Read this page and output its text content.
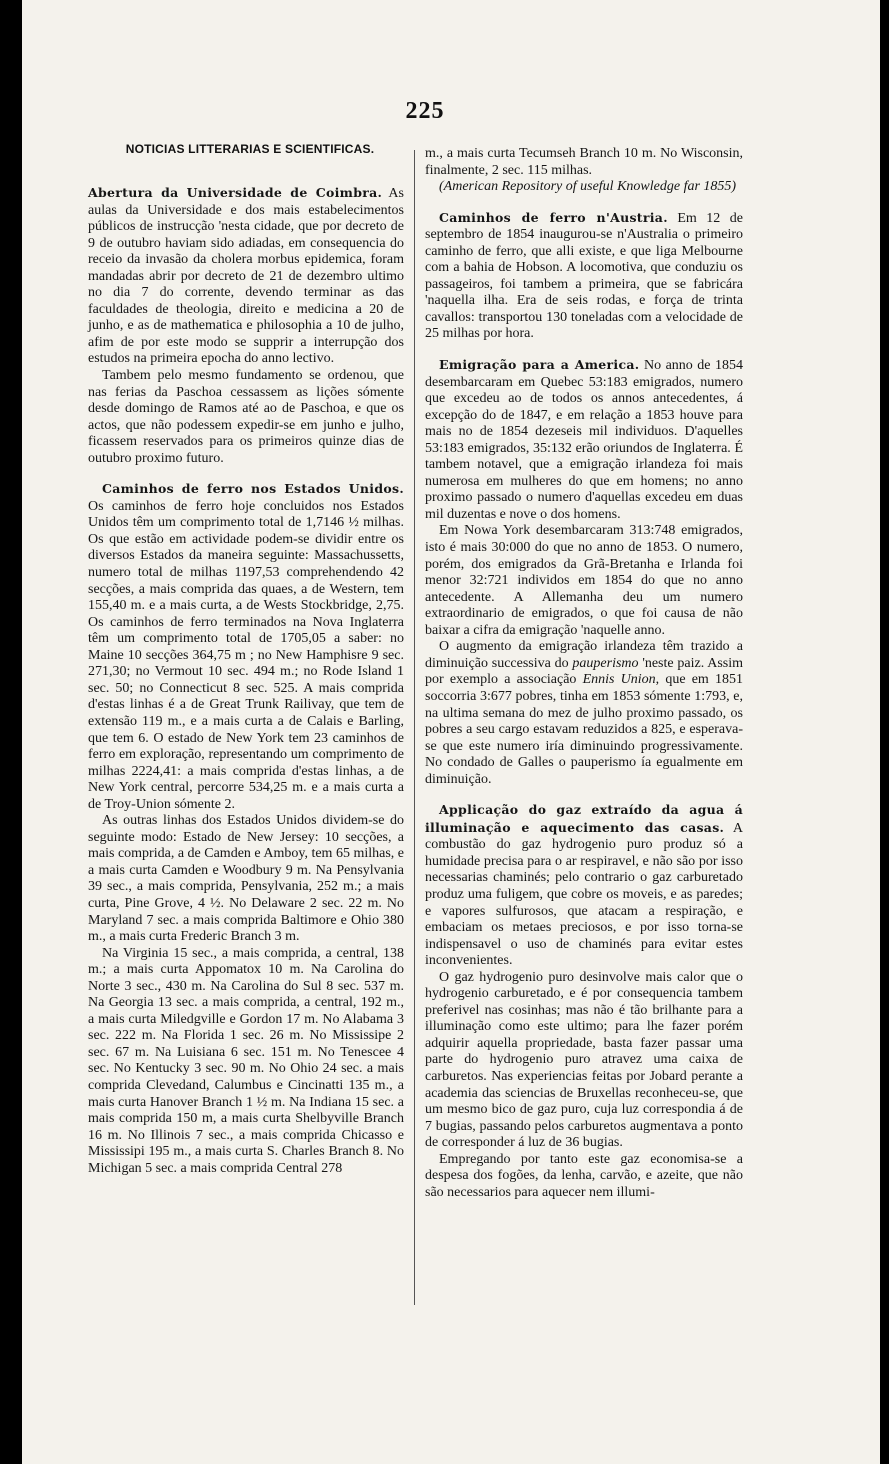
225
NOTICIAS LITTERARIAS E SCIENTIFICAS.

Abertura da Universidade de Coimbra. As aulas da Universidade e dos mais estabelecimentos públicos de instrucção 'nesta cidade, que por decreto de 9 de outubro haviam sido adiadas, em consequencia do receio da invasão da cholera morbus epidemica, foram mandadas abrir por decreto de 21 de dezembro ultimo no dia 7 do corrente, devendo terminar as das faculdades de theologia, direito e medicina a 20 de junho, e as de mathematica e philosophia a 10 de julho, afim de por este modo se supprir a interrupção dos estudos na primeira epocha do anno lectivo.

Tambem pelo mesmo fundamento se ordenou, que nas ferias da Paschoa cessassem as lições sómente desde domingo de Ramos até ao de Paschoa, e que os actos, que não podessem expedir-se em junho e julho, ficassem reservados para os primeiros quinze dias de outubro proximo futuro.

Caminhos de ferro nos Estados Unidos. Os caminhos de ferro hoje concluidos nos Estados Unidos têm um comprimento total de 1,7146 ½ milhas. Os que estão em actividade podem-se dividir entre os diversos Estados da maneira seguinte: Massachussetts, numero total de milhas 1197,53 comprehendendo 42 secções, a mais comprida das quaes, a de Western, tem 155,40 m. e a mais curta, a de Wests Stockbridge, 2,75. Os caminhos de ferro terminados na Nova Inglaterra têm um comprimento total de 1705,05 a saber: no Maine 10 secções 364,75 m ; no New Hamphisre 9 sec. 271,30; no Vermout 10 sec. 494 m.; no Rode Island 1 sec. 50; no Connecticut 8 sec. 525. A mais comprida d'estas linhas é a de Great Trunk Railivay, que tem de extensão 119 m., e a mais curta a de Calais e Barling, que tem 6. O estado de New York tem 23 caminhos de ferro em exploração, representando um comprimento de milhas 2224,41: a mais comprida d'estas linhas, a de New York central, percorre 534,25 m. e a mais curta a de Troy-Union sómente 2.

As outras linhas dos Estados Unidos dividem-se do seguinte modo: Estado de New Jersey: 10 secções, a mais comprida, a de Camden e Amboy, tem 65 milhas, e a mais curta Camden e Woodbury 9 m. Na Pensylvania 39 sec., a mais comprida, Pensylvania, 252 m.; a mais curta, Pine Grove, 4 ½. No Delaware 2 sec. 22 m. No Maryland 7 sec. a mais comprida Baltimore e Ohio 380 m., a mais curta Frederic Branch 3 m.

Na Virginia 15 sec., a mais comprida, a central, 138 m.; a mais curta Appomatox 10 m. Na Carolina do Norte 3 sec., 430 m. Na Carolina do Sul 8 sec. 537 m. Na Georgia 13 sec. a mais comprida, a central, 192 m., a mais curta Miledgville e Gordon 17 m. No Alabama 3 sec. 222 m. Na Florida 1 sec. 26 m. No Mississipe 2 sec. 67 m. Na Luisiana 6 sec. 151 m. No Tenescee 4 sec. No Kentucky 3 sec. 90 m. No Ohio 24 sec. a mais comprida Clevedand, Calumbus e Cincinatti 135 m., a mais curta Hanover Branch 1 ½ m. Na Indiana 15 sec. a mais comprida 150 m, a mais curta Shelbyville Branch 16 m. No Illinois 7 sec., a mais comprida Chicasso e Mississipi 195 m., a mais curta S. Charles Branch 8. No Michigan 5 sec. a mais comprida Central 278

m., a mais curta Tecumseh Branch 10 m. No Wisconsin, finalmente, 2 sec. 115 milhas.

(American Repository of useful Knowledge far 1855)

Caminhos de ferro n'Austria. Em 12 de septembro de 1854 inaugurou-se n'Australia o primeiro caminho de ferro, que alli existe, e que liga Melbourne com a bahia de Hobson. A locomotiva, que conduziu os passageiros, foi tambem a primeira, que se fabricára 'naquella ilha. Era de seis rodas, e força de trinta cavallos: transportou 130 toneladas com a velocidade de 25 milhas por hora.

Emigração para a America. No anno de 1854 desembarcaram em Quebec 53:183 emigrados, numero que excedeu ao de todos os annos antecedentes, á excepção do de 1847, e em relação a 1853 houve para mais no de 1854 dezeseis mil individuos. D'aquelles 53:183 emigrados, 35:132 erão oriundos de Inglaterra. É tambem notavel, que a emigração irlandeza foi mais numerosa em mulheres do que em homens; no anno proximo passado o numero d'aquellas excedeu em duas mil duzentas e nove o dos homens.

Em Nowa York desembarcaram 313:748 emigrados, isto é mais 30:000 do que no anno de 1853. O numero, porém, dos emigrados da Grã-Bretanha e Irlanda foi menor 32:721 individos em 1854 do que no anno antecedente. A Allemanha deu um numero extraordinario de emigrados, o que foi causa de não baixar a cifra da emigração 'naquelle anno.

O augmento da emigração irlandeza têm trazido a diminuição successiva do pauperismo 'neste paiz. Assim por exemplo a associação Ennis Union, que em 1851 soccorria 3:677 pobres, tinha em 1853 sómente 1:793, e, na ultima semana do mez de julho proximo passado, os pobres a seu cargo estavam reduzidos a 825, e esperava-se que este numero iría diminuindo progressivamente. No condado de Galles o pauperismo ía egualmente em diminuição.

Applicação do gaz extraído da agua á illuminação e aquecimento das casas. A combustão do gaz hydrogenio puro produz só a humidade precisa para o ar respiravel, e não são por isso necessarias chaminés; pelo contrario o gaz carburetado produz uma fuligem, que cobre os moveis, e as paredes; e vapores sulfurosos, que atacam a respiração, e embaciam os metaes preciosos, e por isso torna-se indispensavel o uso de chaminés para evitar estes inconvenientes.

O gaz hydrogenio puro desinvolve mais calor que o hydrogenio carburetado, e é por consequencia tambem preferivel nas cosinhas; mas não é tão brilhante para a illuminação como este ultimo; para lhe fazer porém adquirir aquella propriedade, basta fazer passar uma parte do hydrogenio puro atravez uma caixa de carburetos. Nas experiencias feitas por Jobard perante a academia das sciencias de Bruxellas reconheceu-se, que um mesmo bico de gaz puro, cuja luz correspondia á de 7 bugias, passando pelos carburetos augmentava a ponto de corresponder á luz de 36 bugias.

Empregando por tanto este gaz economisa-se a despesa dos fogões, da lenha, carvão, e azeite, que não são necessarios para aquecer nem illumi-
